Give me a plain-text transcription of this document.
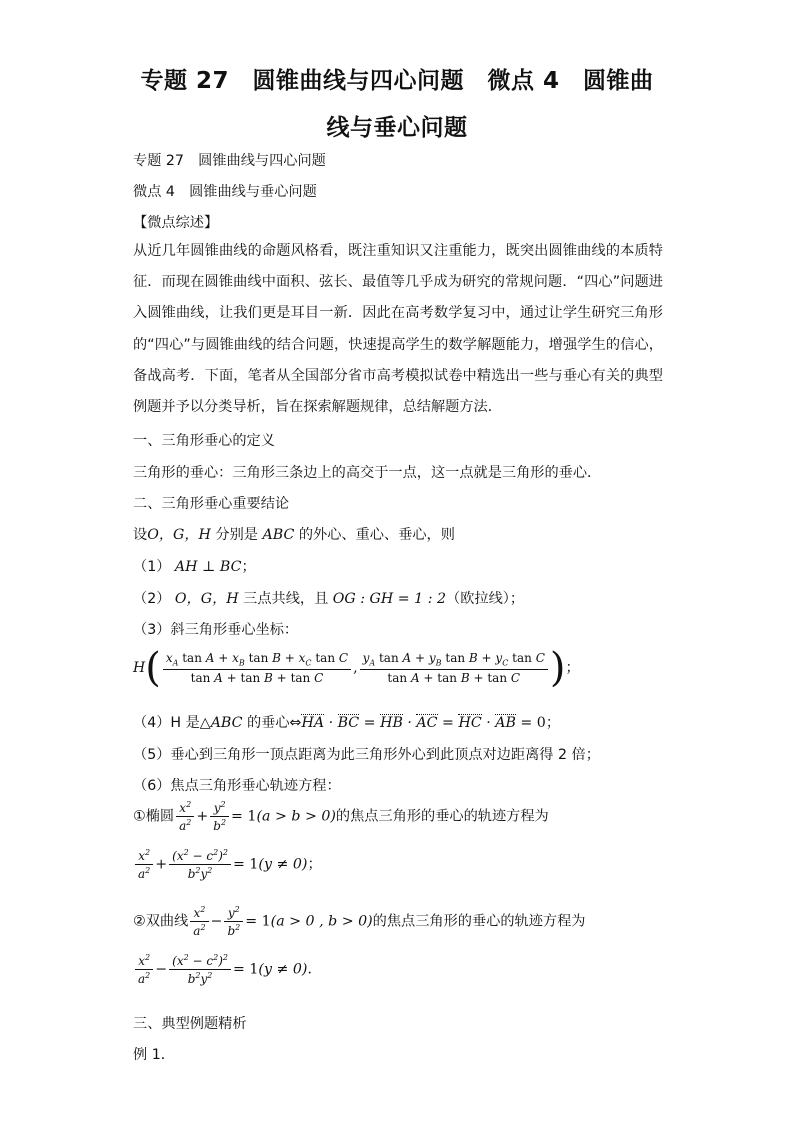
专题 27　圆锥曲线与四心问题　微点 4　圆锥曲
线与垂心问题
专题 27　圆锥曲线与四心问题
微点 4　圆锥曲线与垂心问题
【微点综述】
从近几年圆锥曲线的命题风格看，既注重知识又注重能力，既突出圆锥曲线的本质特征．而现在圆锥曲线中面积、弦长、最值等几乎成为研究的常规问题．“四心”问题进入圆锥曲线，让我们更是耳目一新．因此在高考数学复习中，通过让学生研究三角形的“四心”与圆锥曲线的结合问题，快速提高学生的数学解题能力，增强学生的信心，备战高考．下面，笔者从全国部分省市高考模拟试卷中精选出一些与垂心有关的典型例题并予以分类导析，旨在探索解题规律，总结解题方法．
一、三角形垂心的定义
三角形的垂心：三角形三条边上的高交于一点，这一点就是三角形的垂心．
二、三角形垂心重要结论
设O，G，H 分别是 ABC 的外心、重心、垂心，则
（1） AH ⊥ BC；
（2） O，G，H 三点共线，且 OG : GH = 1 : 2（欧拉线）；
（3）斜三角形垂心坐标：
$H( \frac{x_A \tan A + x_B \tan B + x_C \tan C}{\text{tan A + tan B + tan C}}$ , $\frac{y_A \tan A + y_B \tan B + y_C \tan C}{\text{tan A + tan B + tan C}}$ )；
（4）H 是△ABC 的垂心⇔HA · BC = HB · AC = HC · AB = 0；
（5）垂心到三角形一顶点距离为此三角形外心到此顶点对边距离得 2 倍；
（6）焦点三角形垂心轨迹方程：
①椭圆 $\frac{x^2}{a^2} + \frac{y^2}{b^2} = 1(a > b > 0)$的焦点三角形的垂心的轨迹方程为
$\frac{x^2}{a^2} + \frac{(x^2 - c^2)^2}{b^2y^2} = 1(y \ne 0)$；
②双曲线 $\frac{x^2}{a^2} - \frac{y^2}{b^2} = 1(a > 0$ , b > 0)的焦点三角形的垂心的轨迹方程为
$\frac{x^2}{a^2} - \frac{(x^2 - c^2)^2}{b^2y^2} = 1(y \ne 0)$．
三、典型例题精析
例 1．
